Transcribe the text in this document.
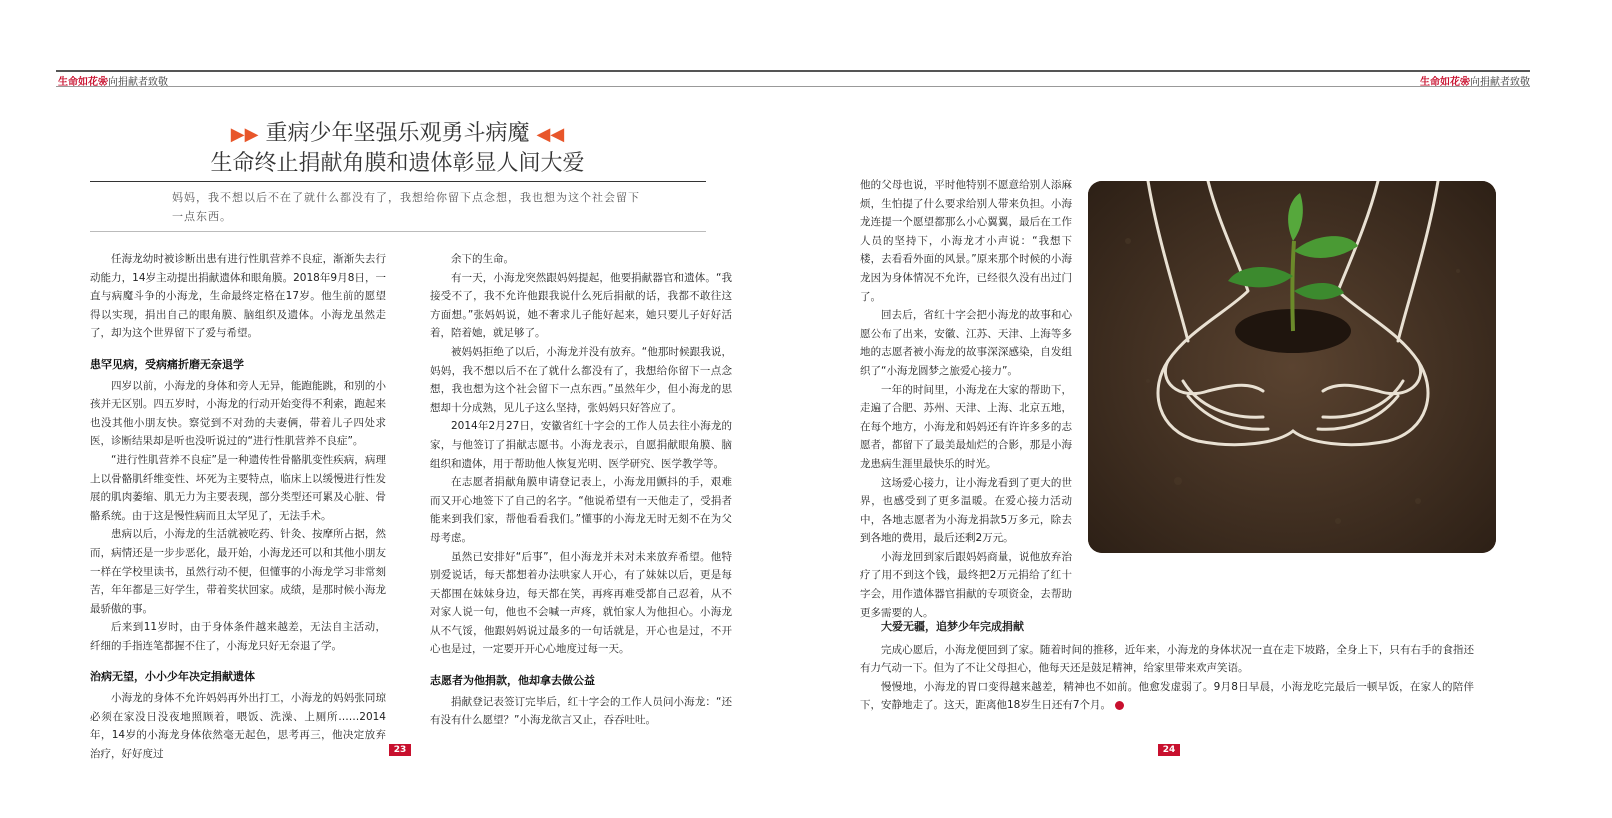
生命如花❀向捐献者致敬
▶▶ 重病少年坚强乐观勇斗病魔 ◀◀
生命终止捐献角膜和遗体彰显人间大爱
妈妈，我不想以后不在了就什么都没有了，我想给你留下点念想，我也想为这个社会留下一点东西。

任海龙幼时被诊断出患有进行性肌营养不良症，渐渐失去行动能力，14岁主动提出捐献遗体和眼角膜。2018年9月8日，一直与病魔斗争的小海龙，生命最终定格在17岁。他生前的愿望得以实现，捐出自己的眼角膜、脑组织及遗体。小海龙虽然走了，却为这个世界留下了爱与希望。

患罕见病，受病痛折磨无奈退学

四岁以前，小海龙的身体和旁人无异，能跑能跳，和别的小孩并无区别。四五岁时，小海龙的行动开始变得不利索，跑起来也没其他小朋友快。察觉到不对劲的夫妻俩，带着儿子四处求医，诊断结果却是听也没听说过的“进行性肌营养不良症”。

“进行性肌营养不良症”是一种遗传性骨骼肌变性疾病，病理上以骨骼肌纤维变性、坏死为主要特点，临床上以缓慢进行性发展的肌肉萎缩、肌无力为主要表现，部分类型还可累及心脏、骨骼系统。由于这是慢性病而且太罕见了，无法手术。

患病以后，小海龙的生活就被吃药、针灸、按摩所占据，然而，病情还是一步步恶化，最开始，小海龙还可以和其他小朋友一样在学校里读书，虽然行动不便，但懂事的小海龙学习非常刻苦，年年都是三好学生，带着奖状回家。成绩，是那时候小海龙最骄傲的事。

后来到11岁时，由于身体条件越来越差，无法自主活动，纤细的手指连笔都握不住了，小海龙只好无奈退了学。

治病无望，小小少年决定捐献遗体

小海龙的身体不允许妈妈再外出打工，小海龙的妈妈张同琼必须在家没日没夜地照顾着，喂饭、洗澡、上厕所……2014年，14岁的小海龙身体依然毫无起色，思考再三，他决定放弃治疗，好好度过

余下的生命。

有一天，小海龙突然跟妈妈提起，他要捐献器官和遗体。“我接受不了，我不允许他跟我说什么死后捐献的话，我都不敢往这方面想。”张妈妈说，她不奢求儿子能好起来，她只要儿子好好活着，陪着她，就足够了。

被妈妈拒绝了以后，小海龙并没有放弃。“他那时候跟我说，妈妈，我不想以后不在了就什么都没有了，我想给你留下一点念想，我也想为这个社会留下一点东西。”虽然年少，但小海龙的思想却十分成熟，见儿子这么坚持，张妈妈只好答应了。

2014年2月27日，安徽省红十字会的工作人员去往小海龙的家，与他签订了捐献志愿书。小海龙表示，自愿捐献眼角膜、脑组织和遗体，用于帮助他人恢复光明、医学研究、医学教学等。

在志愿者捐献角膜申请登记表上，小海龙用颤抖的手，艰难而又开心地签下了自己的名字。“他说希望有一天他走了，受捐者能来到我们家，帮他看看我们。”懂事的小海龙无时无刻不在为父母考虑。

虽然已安排好“后事”，但小海龙并未对未来放弃希望。他特别爱说话，每天都想着办法哄家人开心，有了妹妹以后，更是每天都围在妹妹身边，每天都在笑，再疼再难受都自己忍着，从不对家人说一句，他也不会喊一声疼，就怕家人为他担心。小海龙从不气馁，他跟妈妈说过最多的一句话就是，开心也是过，不开心也是过，一定要开开心心地度过每一天。

志愿者为他捐款，他却拿去做公益

捐献登记表签订完毕后，红十字会的工作人员问小海龙：“还有没有什么愿望？”小海龙欲言又止，吞吞吐吐。

23
生命如花❀向捐献者致敬

他的父母也说，平时他特别不愿意给别人添麻烦，生怕提了什么要求给别人带来负担。小海龙连提一个愿望都那么小心翼翼，最后在工作人员的坚持下，小海龙才小声说：“我想下楼，去看看外面的风景。”原来那个时候的小海龙因为身体情况不允许，已经很久没有出过门了。

回去后，省红十字会把小海龙的故事和心愿公布了出来，安徽、江苏、天津、上海等多地的志愿者被小海龙的故事深深感染，自发组织了“小海龙圆梦之旅爱心接力”。

一年的时间里，小海龙在大家的帮助下，走遍了合肥、苏州、天津、上海、北京五地，在每个地方，小海龙和妈妈还有许许多多的志愿者，都留下了最美最灿烂的合影，那是小海龙患病生涯里最快乐的时光。

这场爱心接力，让小海龙看到了更大的世界，也感受到了更多温暖。在爱心接力活动中，各地志愿者为小海龙捐款5万多元，除去到各地的费用，最后还剩2万元。

小海龙回到家后跟妈妈商量，说他放弃治疗了用不到这个钱，最终把2万元捐给了红十字会，用作遗体器官捐献的专项资金，去帮助更多需要的人。

大爱无疆，追梦少年完成捐献

完成心愿后，小海龙便回到了家。随着时间的推移，近年来，小海龙的身体状况一直在走下坡路，全身上下，只有右手的食指还有力气动一下。但为了不让父母担心，他每天还是鼓足精神，给家里带来欢声笑语。

慢慢地，小海龙的胃口变得越来越差，精神也不如前。他愈发虚弱了。9月8日早晨，小海龙吃完最后一顿早饭，在家人的陪伴下，安静地走了。这天，距离他18岁生日还有7个月。

24
